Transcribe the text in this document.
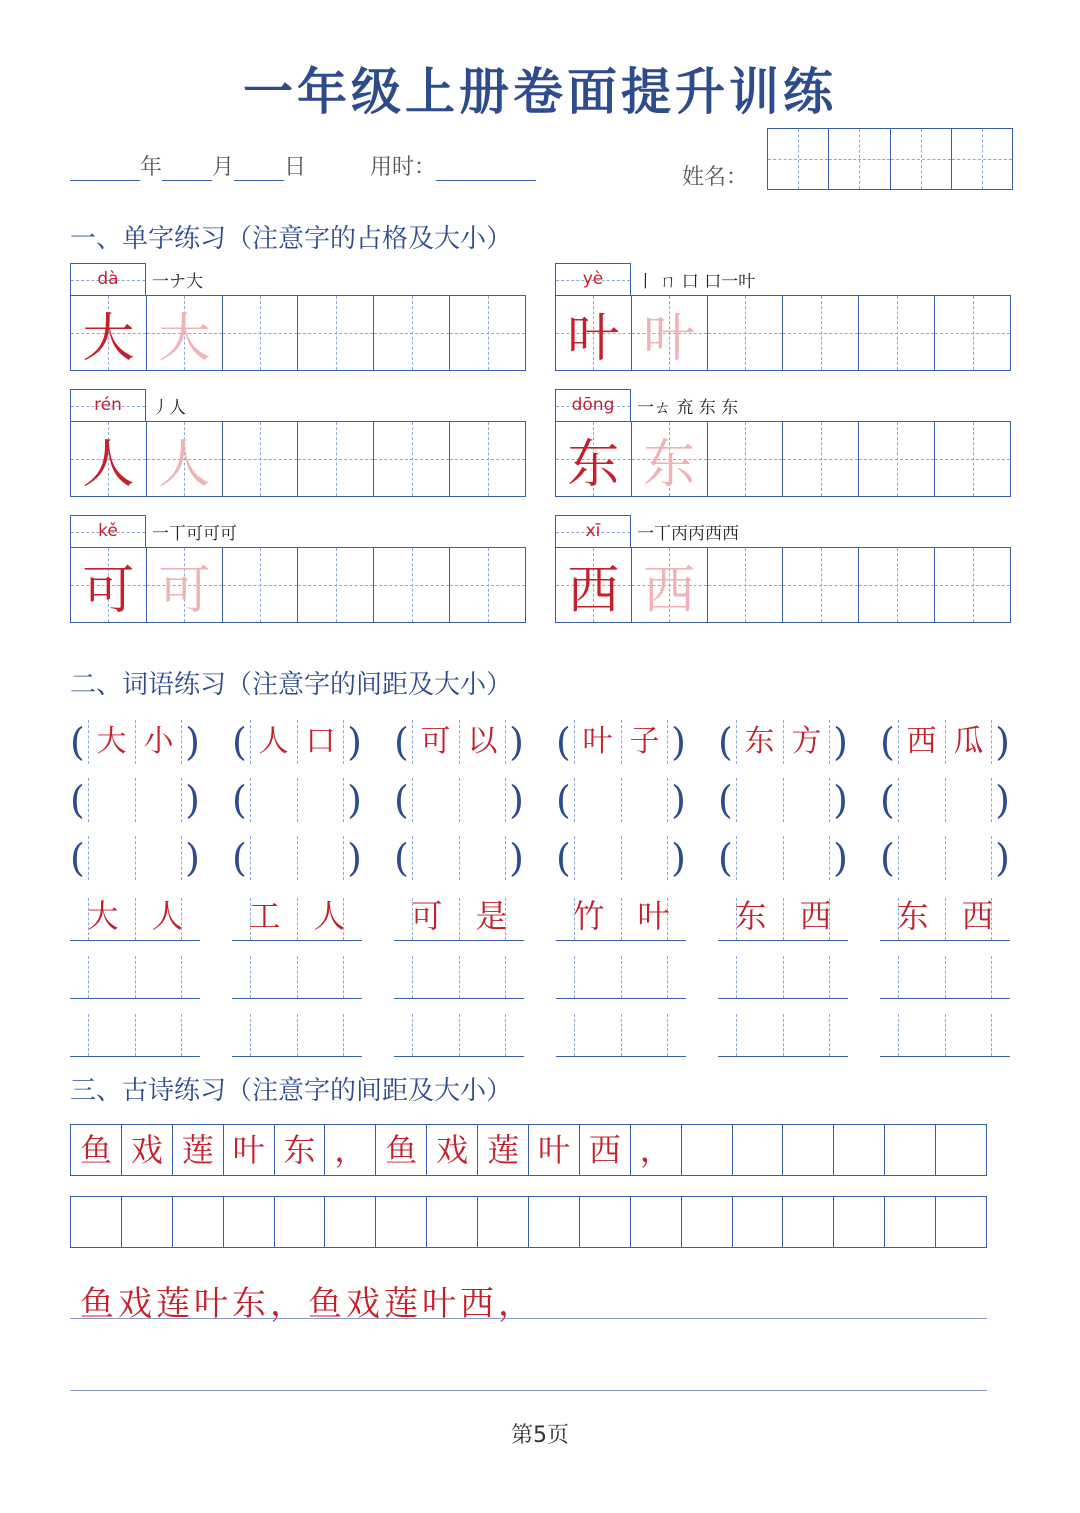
一年级上册卷面提升训练
年 月 日	用时：	姓名：
一、单字练习（注意字的占格及大小）
dà	一ナ大
大 大
yè	丨 ㄇ 口 口一叶
叶 叶
rén	丿人
人 人
dōng	一ㄊ 㐬 东 东
东 东
kě	一丅可可可
可 可
xī	一丅丙丙西西
西 西
二、词语练习（注意字的间距及大小）
(	)
大 小
(	)
(	)
大	人
(	)
人 口
(	)
(	)
工	人
(	)
可 以
(	)
(	)
可	是
(	)
叶 子
(	)
(	)
竹	叶
(	)
东 方
(	)
(	)
东	西
(	)
西 瓜
(	)
(	)
东	西
三、古诗练习（注意字的间距及大小）
鱼 戏 莲 叶 东 ， 鱼 戏 莲 叶 西 ，
鱼戏莲叶东，鱼戏莲叶西，
第5页
